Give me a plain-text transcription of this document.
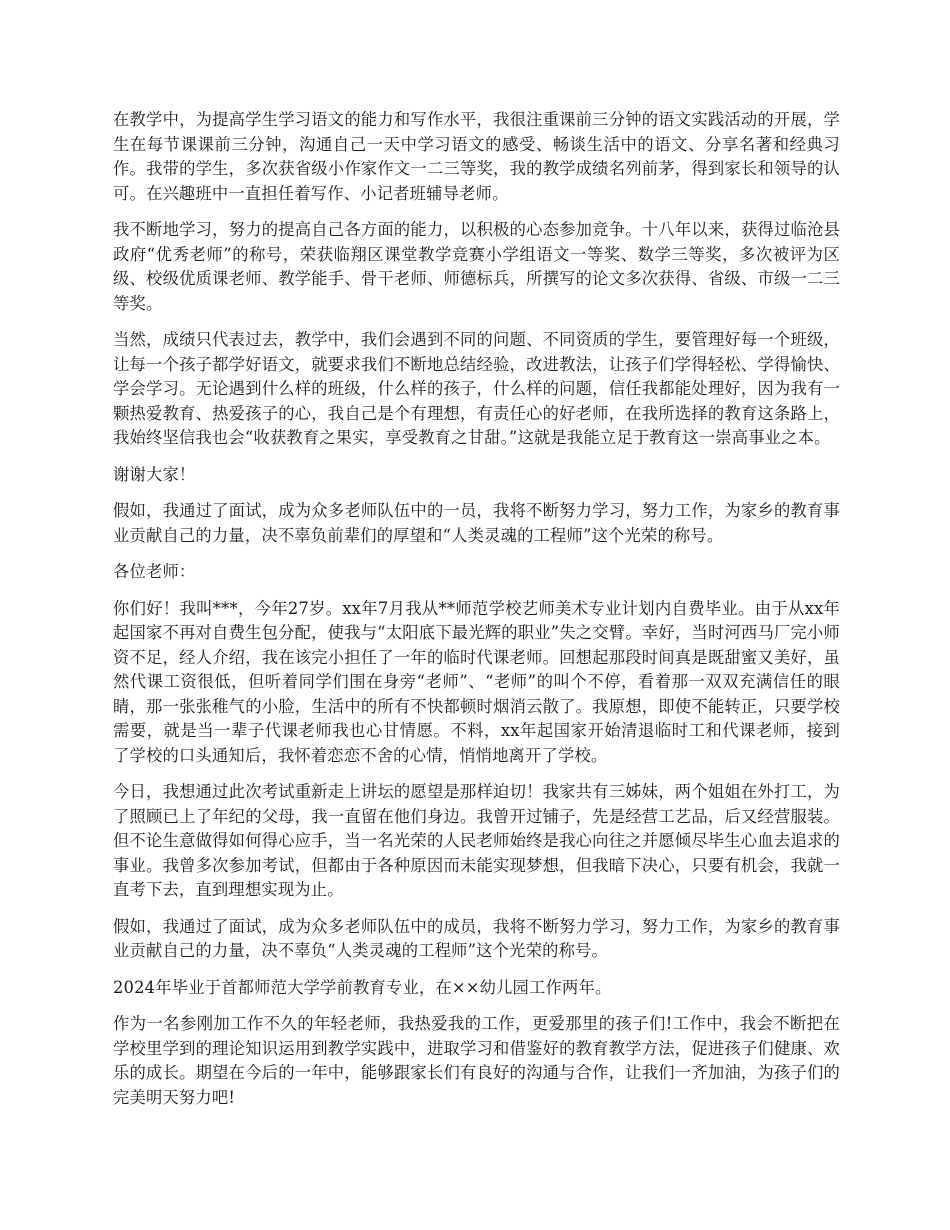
在教学中，为提高学生学习语文的能力和写作水平，我很注重课前三分钟的语文实践活动的开展，学生在每节课课前三分钟，沟通自己一天中学习语文的感受、畅谈生活中的语文、分享名著和经典习作。我带的学生，多次获省级小作家作文一二三等奖，我的教学成绩名列前茅，得到家长和领导的认可。在兴趣班中一直担任着写作、小记者班辅导老师。

我不断地学习，努力的提高自己各方面的能力，以积极的心态参加竞争。十八年以来，获得过临沧县政府“优秀老师”的称号，荣获临翔区课堂教学竞赛小学组语文一等奖、数学三等奖，多次被评为区级、校级优质课老师、教学能手、骨干老师、师德标兵，所撰写的论文多次获得、省级、市级一二三等奖。

当然，成绩只代表过去，教学中，我们会遇到不同的问题、不同资质的学生，要管理好每一个班级，让每一个孩子都学好语文，就要求我们不断地总结经验，改进教法，让孩子们学得轻松、学得愉快、学会学习。无论遇到什么样的班级，什么样的孩子，什么样的问题，信任我都能处理好，因为我有一颗热爱教育、热爱孩子的心，我自己是个有理想，有责任心的好老师，在我所选择的教育这条路上，我始终坚信我也会“收获教育之果实，享受教育之甘甜。”这就是我能立足于教育这一崇高事业之本。

谢谢大家！

假如，我通过了面试，成为众多老师队伍中的一员，我将不断努力学习，努力工作，为家乡的教育事业贡献自己的力量，决不辜负前辈们的厚望和“人类灵魂的工程师”这个光荣的称号。

各位老师：

你们好！我叫***，今年27岁。xx年7月我从**师范学校艺师美术专业计划内自费毕业。由于从xx年起国家不再对自费生包分配，使我与“太阳底下最光辉的职业”失之交臂。幸好，当时河西马厂完小师资不足，经人介绍，我在该完小担任了一年的临时代课老师。回想起那段时间真是既甜蜜又美好，虽然代课工资很低，但听着同学们围在身旁“老师”、“老师”的叫个不停，看着那一双双充满信任的眼睛，那一张张稚气的小脸，生活中的所有不快都顿时烟消云散了。我原想，即使不能转正，只要学校需要，就是当一辈子代课老师我也心甘情愿。不料，xx年起国家开始清退临时工和代课老师，接到了学校的口头通知后，我怀着恋恋不舍的心情，悄悄地离开了学校。

今日，我想通过此次考试重新走上讲坛的愿望是那样迫切！我家共有三姊妹，两个姐姐在外打工，为了照顾已上了年纪的父母，我一直留在他们身边。我曾开过铺子，先是经营工艺品，后又经营服装。但不论生意做得如何得心应手，当一名光荣的人民老师始终是我心向往之并愿倾尽毕生心血去追求的事业。我曾多次参加考试，但都由于各种原因而未能实现梦想，但我暗下决心，只要有机会，我就一直考下去，直到理想实现为止。

假如，我通过了面试，成为众多老师队伍中的成员，我将不断努力学习，努力工作，为家乡的教育事业贡献自己的力量，决不辜负“人类灵魂的工程师”这个光荣的称号。

2024年毕业于首都师范大学学前教育专业，在××幼儿园工作两年。

作为一名参刚加工作不久的年轻老师，我热爱我的工作，更爱那里的孩子们!工作中，我会不断把在学校里学到的理论知识运用到教学实践中，进取学习和借鉴好的教育教学方法，促进孩子们健康、欢乐的成长。期望在今后的一年中，能够跟家长们有良好的沟通与合作，让我们一齐加油，为孩子们的完美明天努力吧!
